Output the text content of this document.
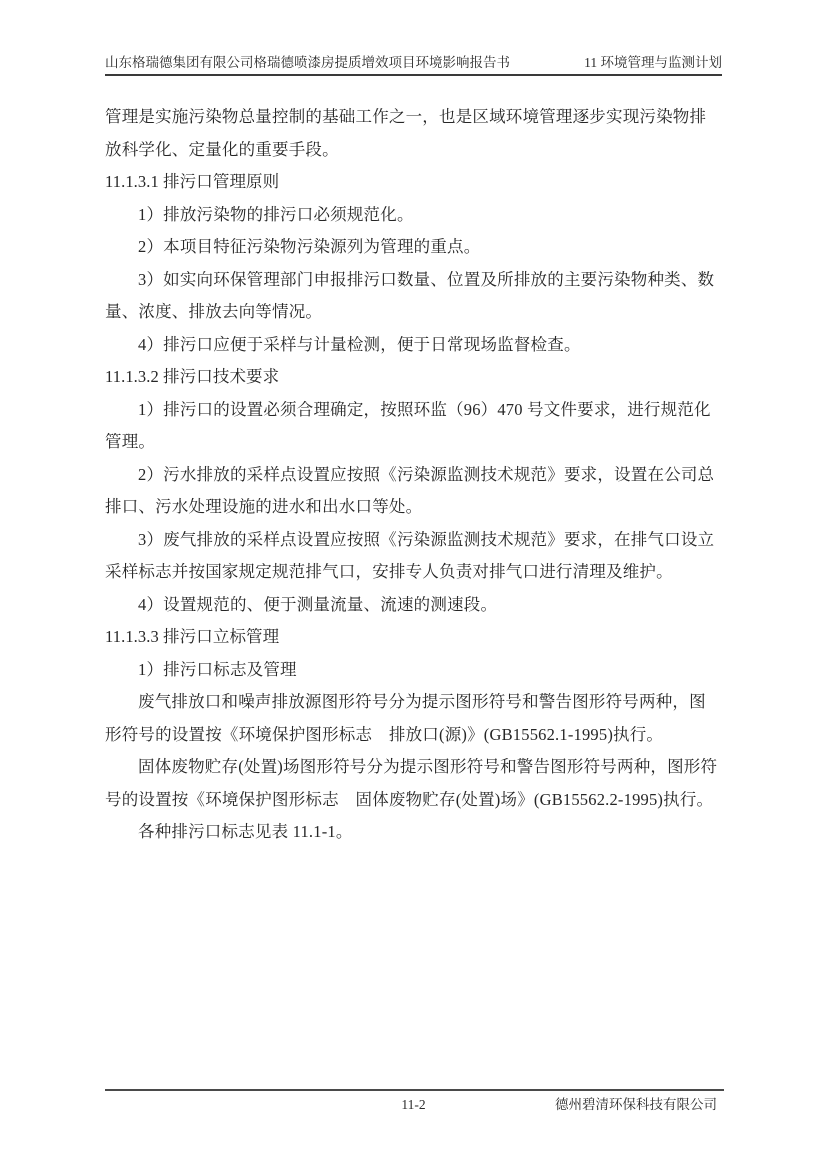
山东格瑞德集团有限公司格瑞德喷漆房提质增效项目环境影响报告书	11 环境管理与监测计划
管理是实施污染物总量控制的基础工作之一，也是区域环境管理逐步实现污染物排
放科学化、定量化的重要手段。
11.1.3.1 排污口管理原则
1）排放污染物的排污口必须规范化。
2）本项目特征污染物污染源列为管理的重点。
3）如实向环保管理部门申报排污口数量、位置及所排放的主要污染物种类、数
量、浓度、排放去向等情况。
4）排污口应便于采样与计量检测，便于日常现场监督检查。
11.1.3.2 排污口技术要求
1）排污口的设置必须合理确定，按照环监（96）470 号文件要求，进行规范化
管理。
2）污水排放的采样点设置应按照《污染源监测技术规范》要求，设置在公司总
排口、污水处理设施的进水和出水口等处。
3）废气排放的采样点设置应按照《污染源监测技术规范》要求，在排气口设立
采样标志并按国家规定规范排气口，安排专人负责对排气口进行清理及维护。
4）设置规范的、便于测量流量、流速的测速段。
11.1.3.3 排污口立标管理
1）排污口标志及管理
废气排放口和噪声排放源图形符号分为提示图形符号和警告图形符号两种，图
形符号的设置按《环境保护图形标志　排放口(源)》(GB15562.1-1995)执行。
固体废物贮存(处置)场图形符号分为提示图形符号和警告图形符号两种，图形符
号的设置按《环境保护图形标志　固体废物贮存(处置)场》(GB15562.2-1995)执行。
各种排污口标志见表 11.1-1。
11-2	德州碧清环保科技有限公司
